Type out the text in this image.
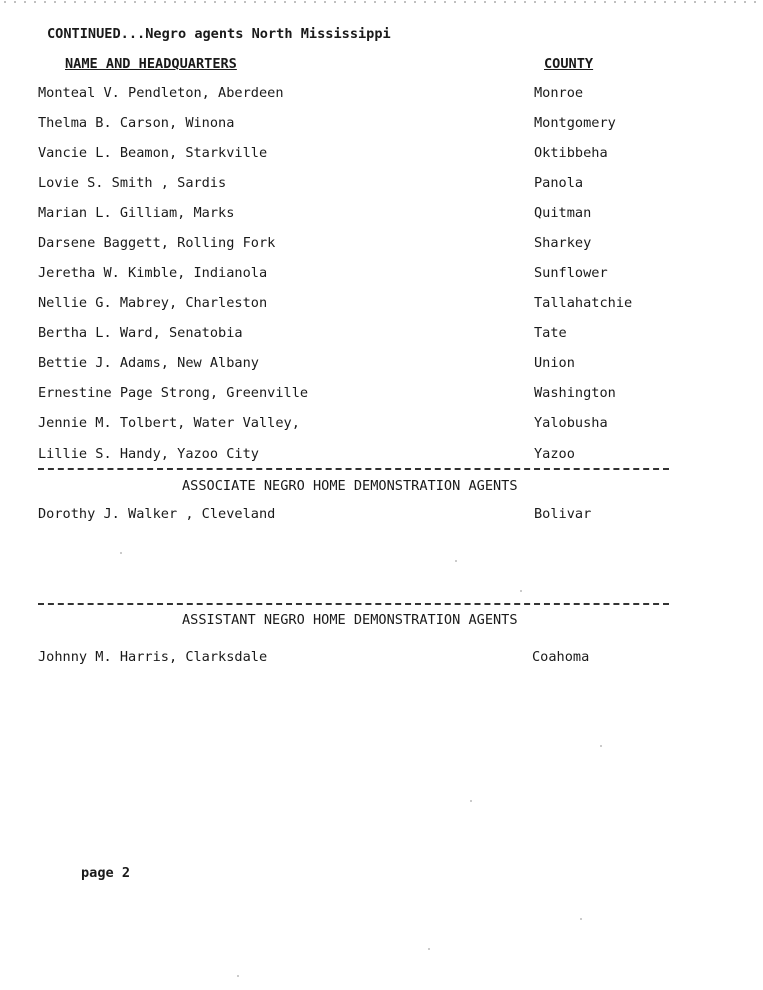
CONTINUED...Negro agents North Mississippi
NAME AND HEADQUARTERS	COUNTY
Monteal V. Pendleton, Aberdeen	Monroe
Thelma B. Carson, Winona	Montgomery
Vancie L. Beamon, Starkville	Oktibbeha
Lovie S. Smith , Sardis	Panola
Marian L. Gilliam, Marks	Quitman
Darsene Baggett, Rolling Fork	Sharkey
Jeretha W. Kimble, Indianola	Sunflower
Nellie G. Mabrey, Charleston	Tallahatchie
Bertha L. Ward, Senatobia	Tate
Bettie J. Adams, New Albany	Union
Ernestine Page Strong, Greenville	Washington
Jennie M. Tolbert, Water Valley,	Yalobusha
Lillie S. Handy, Yazoo City	Yazoo
ASSOCIATE NEGRO HOME DEMONSTRATION AGENTS
Dorothy J. Walker , Cleveland	Bolivar
ASSISTANT NEGRO HOME DEMONSTRATION AGENTS
Johnny M. Harris, Clarksdale	Coahoma
page 2
